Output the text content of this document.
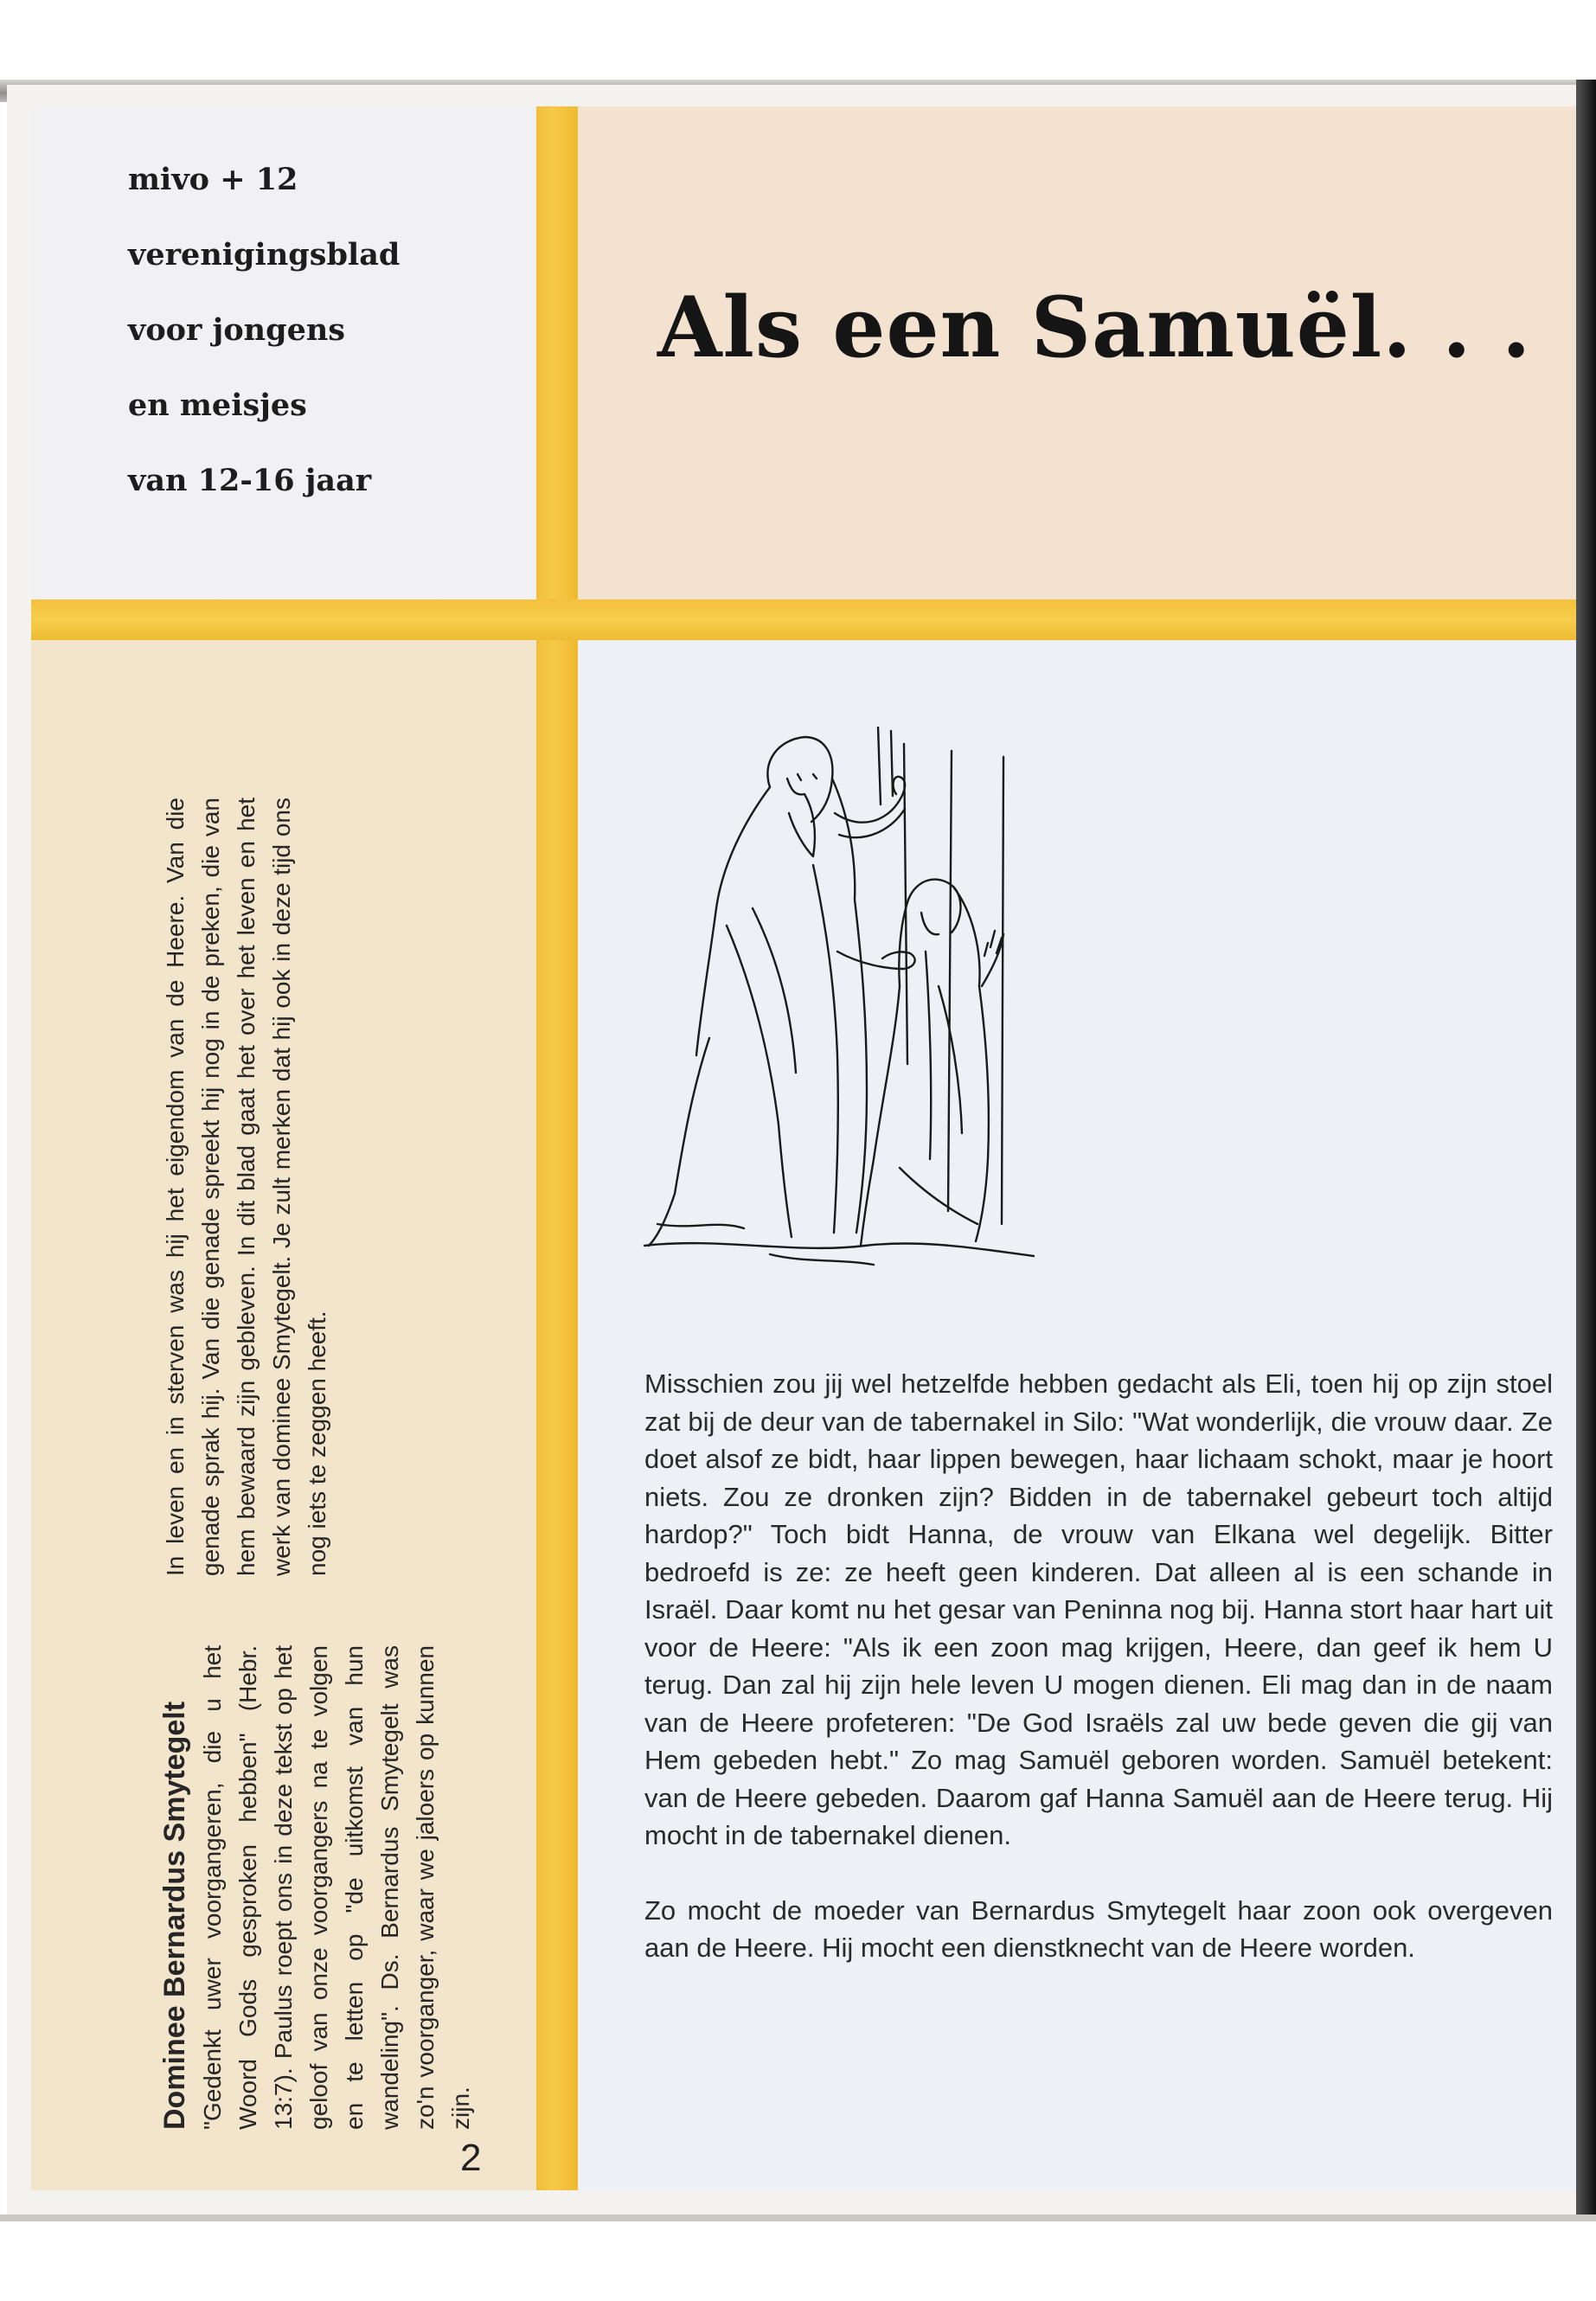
mivo + 12
verenigingsblad
voor jongens
en meisjes
van 12-16 jaar
Als een Samuël. . .
Dominee Bernardus Smytegelt "Gedenkt uwer voorgangeren, die u het Woord Gods gesproken hebben" (Hebr. 13:7). Paulus roept ons in deze tekst op het geloof van onze voorgangers na te volgen en te letten op "de uitkomst van hun wandeling". Ds. Bernardus Smytegelt was zo'n voorganger, waar we jaloers op kunnen zijn.

In leven en in sterven was hij het eigendom van de Heere. Van die genade sprak hij. Van die genade spreekt hij nog in de preken, die van hem bewaard zijn gebleven. In dit blad gaat het over het leven en het werk van dominee Smytegelt. Je zult merken dat hij ook in deze tijd ons nog iets te zeggen heeft.

2

Misschien zou jij wel hetzelfde hebben gedacht als Eli, toen hij op zijn stoel zat bij de deur van de tabernakel in Silo: "Wat wonderlijk, die vrouw daar. Ze doet alsof ze bidt, haar lippen bewegen, haar lichaam schokt, maar je hoort niets. Zou ze dronken zijn? Bidden in de tabernakel gebeurt toch altijd hardop?" Toch bidt Hanna, de vrouw van Elkana wel degelijk. Bitter bedroefd is ze: ze heeft geen kinderen. Dat alleen al is een schande in Israël. Daar komt nu het gesar van Peninna nog bij. Hanna stort haar hart uit voor de Heere: "Als ik een zoon mag krijgen, Heere, dan geef ik hem U terug. Dan zal hij zijn hele leven U mogen dienen. Eli mag dan in de naam van de Heere profeteren: "De God Israëls zal uw bede geven die gij van Hem gebeden hebt." Zo mag Samuël geboren worden. Samuël betekent: van de Heere gebeden. Daarom gaf Hanna Samuël aan de Heere terug. Hij mocht in de tabernakel dienen.

Zo mocht de moeder van Bernardus Smytegelt haar zoon ook overgeven aan de Heere. Hij mocht een dienstknecht van de Heere worden.
